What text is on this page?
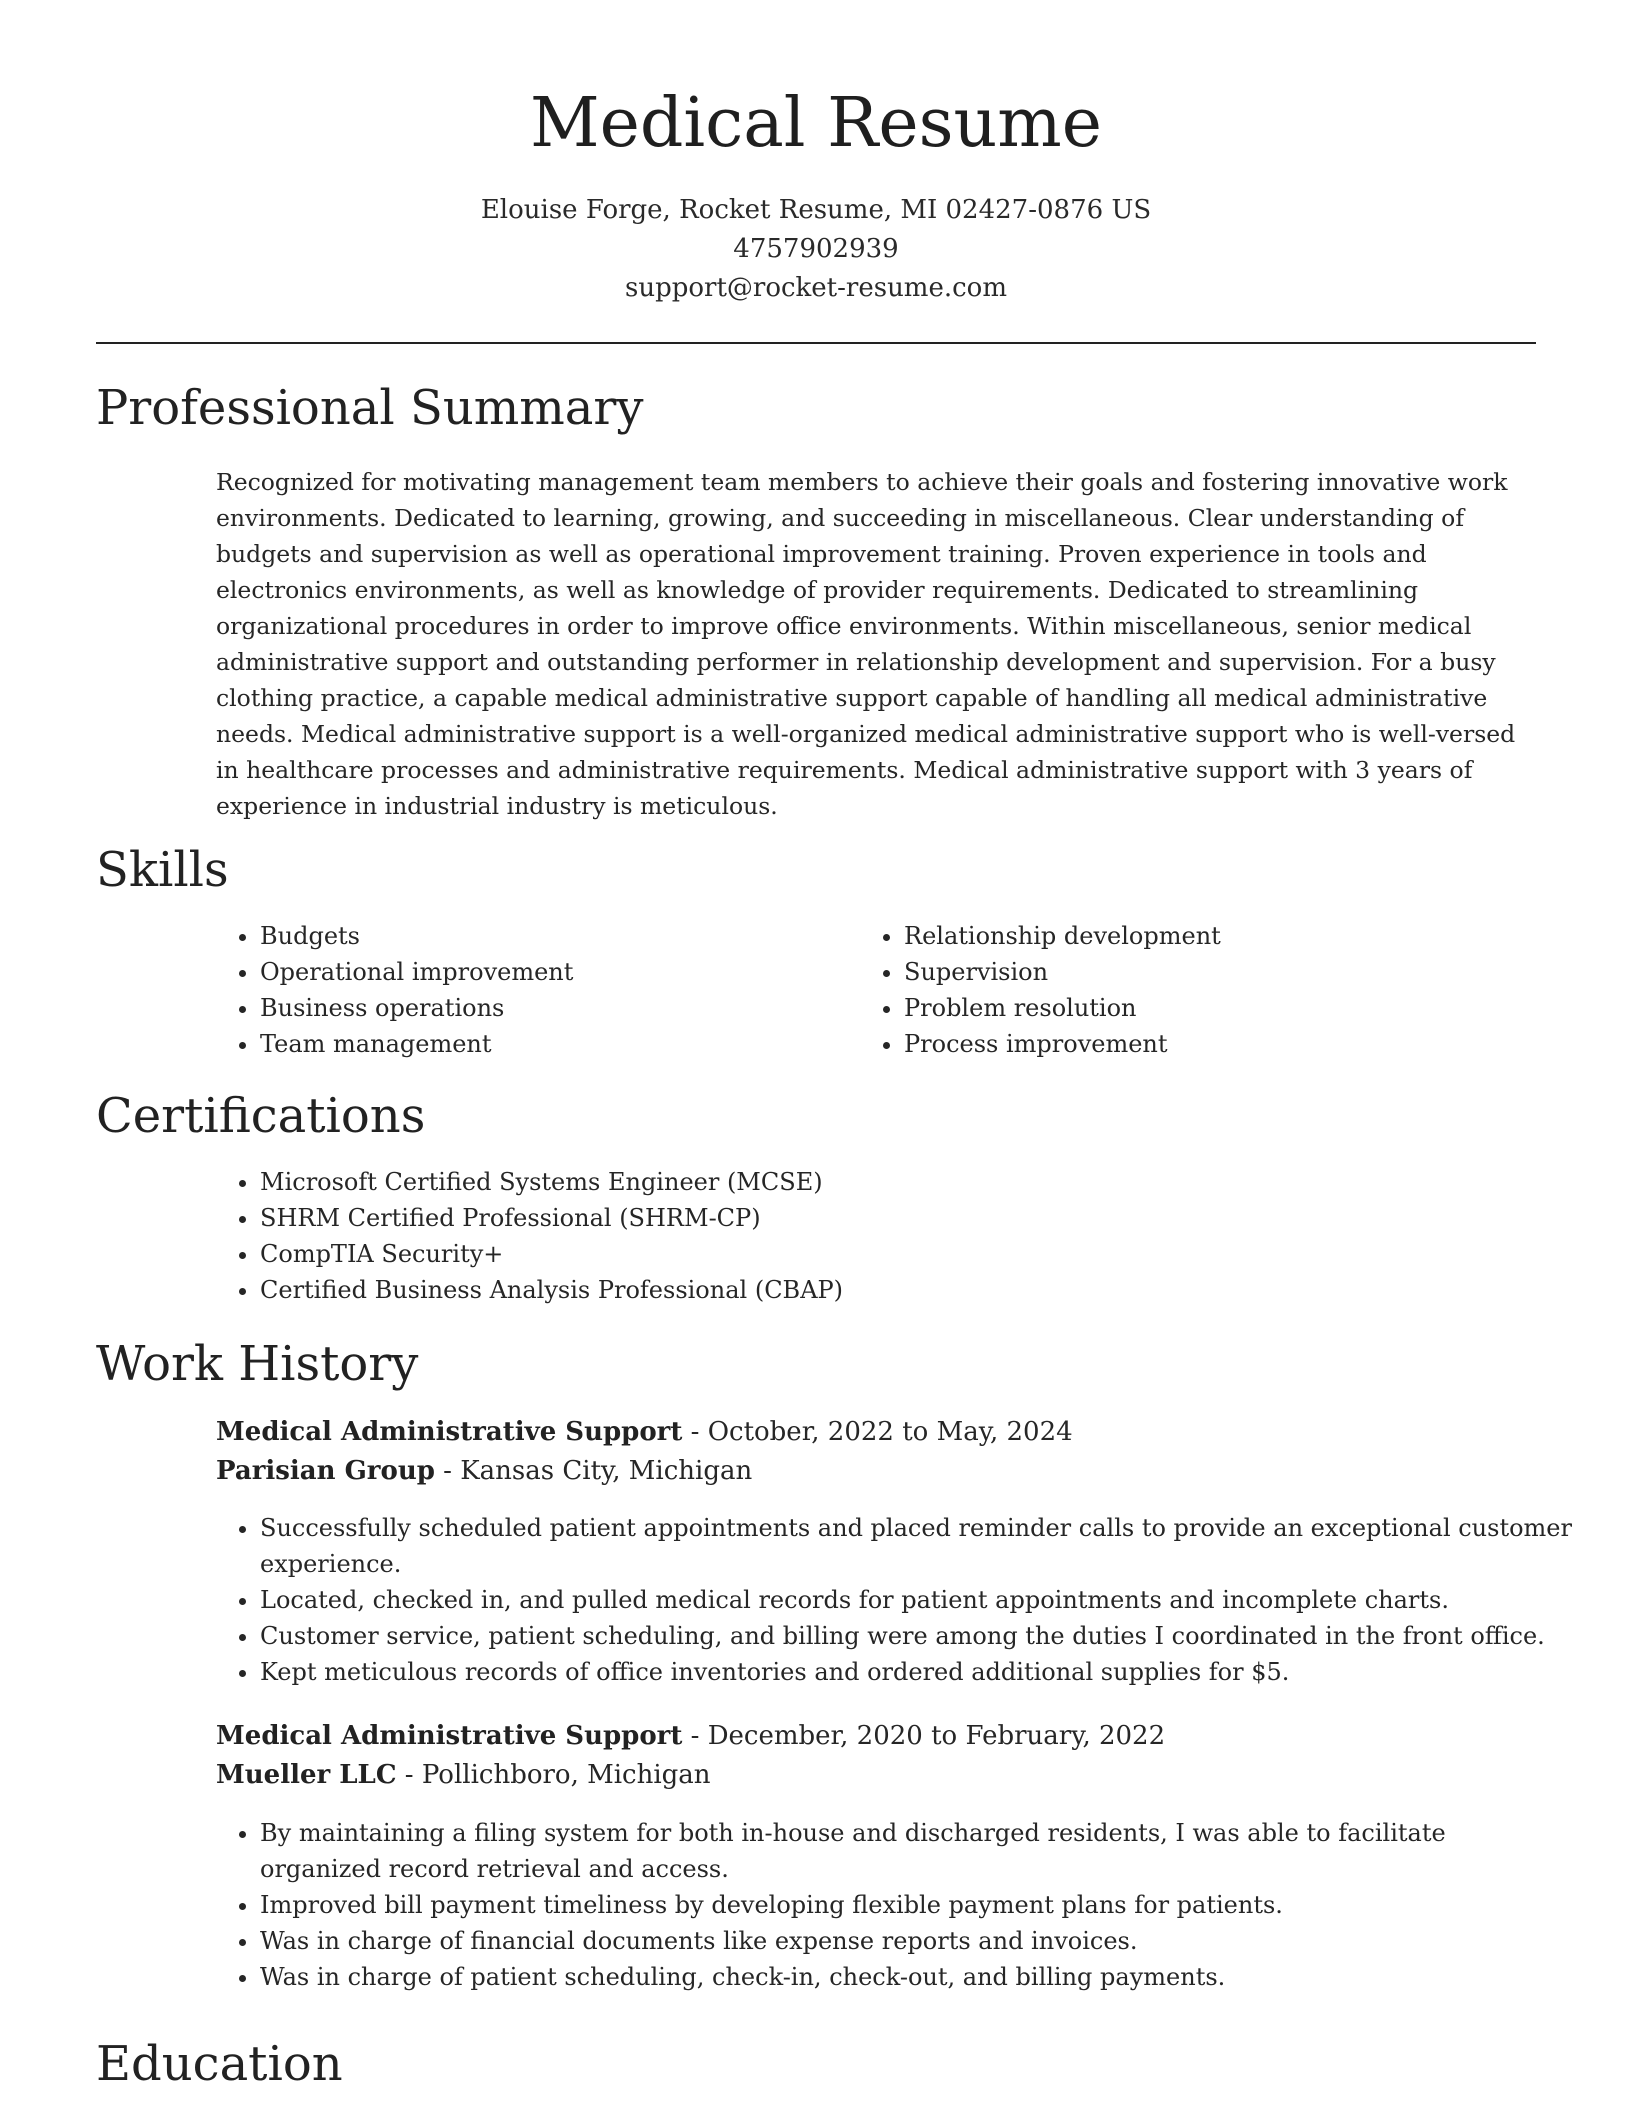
Medical Resume
Elouise Forge, Rocket Resume, MI 02427-0876 US
4757902939
support@rocket-resume.com
Professional Summary

Recognized for motivating management team members to achieve their goals and fostering innovative work environments. Dedicated to learning, growing, and succeeding in miscellaneous. Clear understanding of budgets and supervision as well as operational improvement training. Proven experience in tools and electronics environments, as well as knowledge of provider requirements. Dedicated to streamlining organizational procedures in order to improve office environments. Within miscellaneous, senior medical administrative support and outstanding performer in relationship development and supervision. For a busy clothing practice, a capable medical administrative support capable of handling all medical administrative needs. Medical administrative support is a well-organized medical administrative support who is well-versed in healthcare processes and administrative requirements. Medical administrative support with 3 years of experience in industrial industry is meticulous.

Skills
• Budgets
• Operational improvement
• Business operations
• Team management
• Relationship development
• Supervision
• Problem resolution
• Process improvement
Certifications
• Microsoft Certified Systems Engineer (MCSE)
• SHRM Certified Professional (SHRM-CP)
• CompTIA Security+
• Certified Business Analysis Professional (CBAP)
Work History
Medical Administrative Support - October, 2022 to May, 2024
Parisian Group - Kansas City, Michigan
• Successfully scheduled patient appointments and placed reminder calls to provide an exceptional customer experience.
• Located, checked in, and pulled medical records for patient appointments and incomplete charts.
• Customer service, patient scheduling, and billing were among the duties I coordinated in the front office.
• Kept meticulous records of office inventories and ordered additional supplies for $5.
Medical Administrative Support - December, 2020 to February, 2022
Mueller LLC - Pollichboro, Michigan
• By maintaining a filing system for both in-house and discharged residents, I was able to facilitate organized record retrieval and access.
• Improved bill payment timeliness by developing flexible payment plans for patients.
• Was in charge of financial documents like expense reports and invoices.
• Was in charge of patient scheduling, check-in, check-out, and billing payments.
Education
